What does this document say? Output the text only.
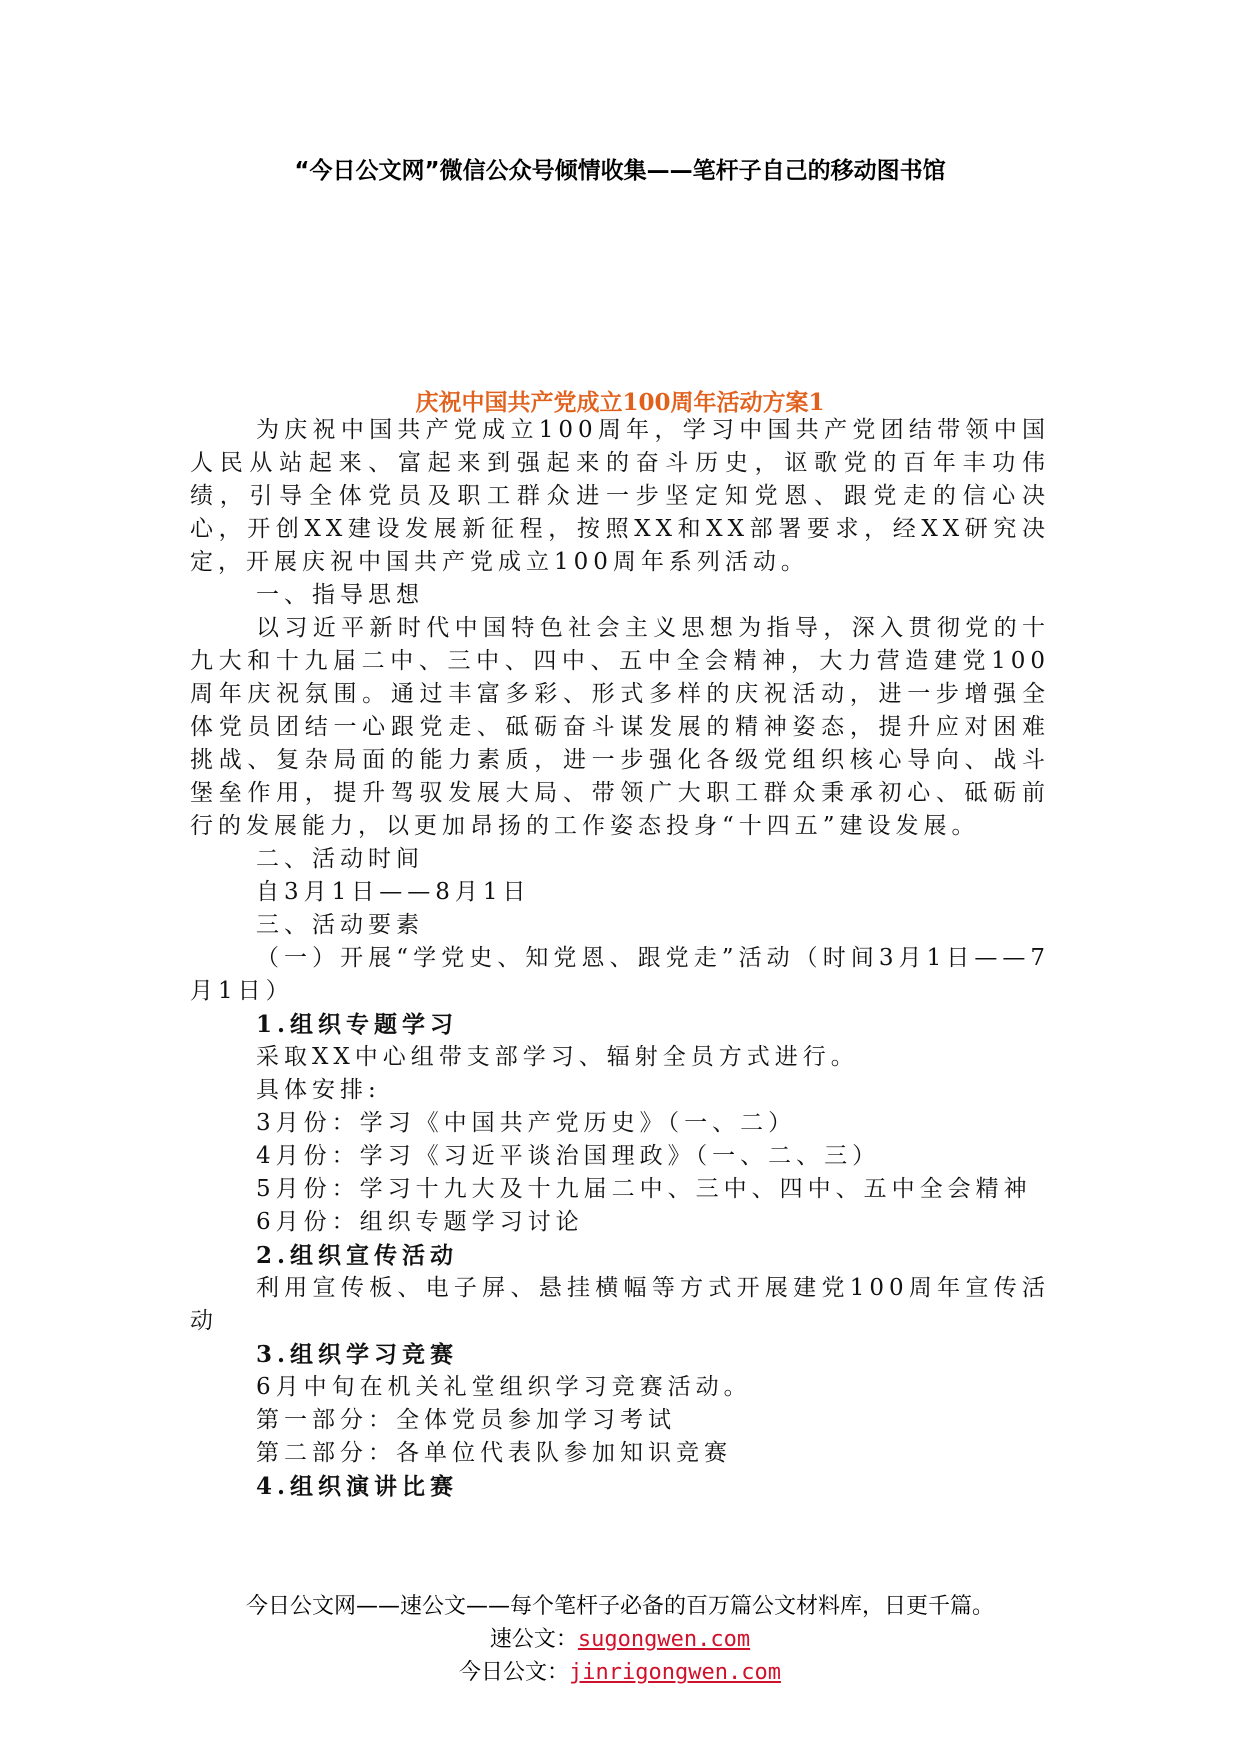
“今日公文网”微信公众号倾情收集——笔杆子自己的移动图书馆
庆祝中国共产党成立100周年活动方案1

为庆祝中国共产党成立100周年，学习中国共产党团结带领中国人民从站起来、富起来到强起来的奋斗历史，讴歌党的百年丰功伟绩，引导全体党员及职工群众进一步坚定知党恩、跟党走的信心决心，开创XX建设发展新征程，按照XX和XX部署要求，经XX研究决定，开展庆祝中国共产党成立100周年系列活动。

一、指导思想

以习近平新时代中国特色社会主义思想为指导，深入贯彻党的十九大和十九届二中、三中、四中、五中全会精神，大力营造建党100周年庆祝氛围。通过丰富多彩、形式多样的庆祝活动，进一步增强全体党员团结一心跟党走、砥砺奋斗谋发展的精神姿态，提升应对困难挑战、复杂局面的能力素质，进一步强化各级党组织核心导向、战斗堡垒作用，提升驾驭发展大局、带领广大职工群众秉承初心、砥砺前行的发展能力，以更加昂扬的工作姿态投身“十四五”建设发展。

二、活动时间

自3月1日——8月1日

三、活动要素

（一）开展“学党史、知党恩、跟党走”活动（时间3月1日——7月1日）

1.组织专题学习

采取XX中心组带支部学习、辐射全员方式进行。

具体安排:

3月份：学习《中国共产党历史》（一、二）

4月份：学习《习近平谈治国理政》（一、二、三）

5月份：学习十九大及十九届二中、三中、四中、五中全会精神

6月份：组织专题学习讨论

2.组织宣传活动

利用宣传板、电子屏、悬挂横幅等方式开展建党100周年宣传活动

3.组织学习竞赛

6月中旬在机关礼堂组织学习竞赛活动。

第一部分：全体党员参加学习考试

第二部分：各单位代表队参加知识竞赛

4.组织演讲比赛

今日公文网——速公文——每个笔杆子必备的百万篇公文材料库，日更千篇。
速公文：sugongwen.com
今日公文：jinrigongwen.com
